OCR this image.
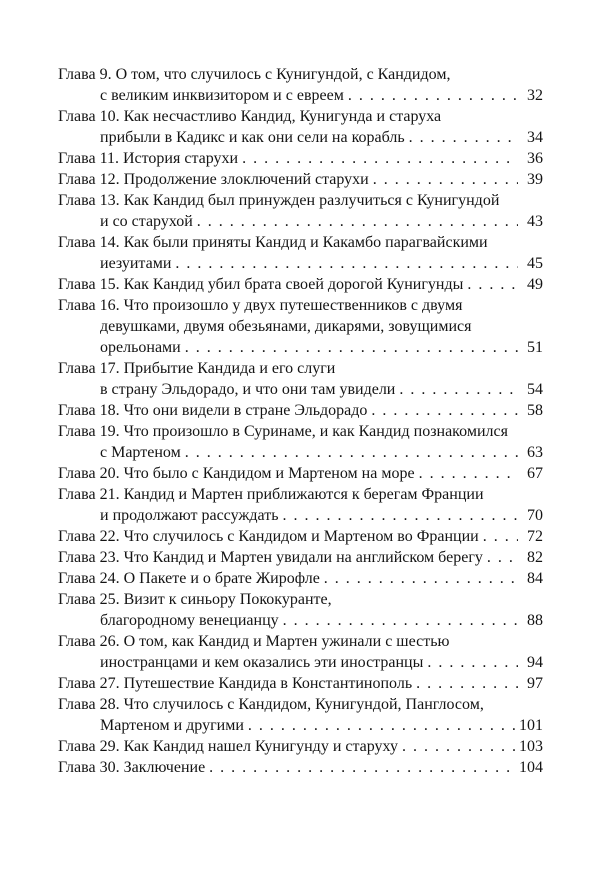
Глава 9. О том, что случилось с Кунигундой, с Кандидом,
с великим инквизитором и с евреем . . .	32
Глава 10. Как несчастливо Кандид, Кунигунда и старуха
прибыли в Кадикс и как они сели на корабль . . .	34
Глава 11. История старухи . . .	36
Глава 12. Продолжение злоключений старухи . . .	39
Глава 13. Как Кандид был принужден разлучиться с Кунигундой
и со старухой . . .	43
Глава 14. Как были приняты Кандид и Какамбо парагвайскими
иезуитами . . .	45
Глава 15. Как Кандид убил брата своей дорогой Кунигунды . . .	49
Глава 16. Что произошло у двух путешественников с двумя
девушками, двумя обезьянами, дикарями, зовущимися
орельонами . . .	51
Глава 17. Прибытие Кандида и его слуги
в страну Эльдорадо, и что они там увидели . . .	54
Глава 18. Что они видели в стране Эльдорадо . . .	58
Глава 19. Что произошло в Суринаме, и как Кандид познакомился
с Мартеном . . .	63
Глава 20. Что было с Кандидом и Мартеном на море . . .	67
Глава 21. Кандид и Мартен приближаются к берегам Франции
и продолжают рассуждать . . .	70
Глава 22. Что случилось с Кандидом и Мартеном во Франции . . .	72
Глава 23. Что Кандид и Мартен увидали на английском берегу . . .	82
Глава 24. О Пакете и о брате Жирофле . . .	84
Глава 25. Визит к синьору Пококуранте,
благородному венецианцу . . .	88
Глава 26. О том, как Кандид и Мартен ужинали с шестью
иностранцами и кем оказались эти иностранцы . . .	94
Глава 27. Путешествие Кандида в Константинополь . . .	97
Глава 28. Что случилось с Кандидом, Кунигундой, Панглосом,
Мартеном и другими . . .	101
Глава 29. Как Кандид нашел Кунигунду и старуху . . .	103
Глава 30. Заключение . . .	104
